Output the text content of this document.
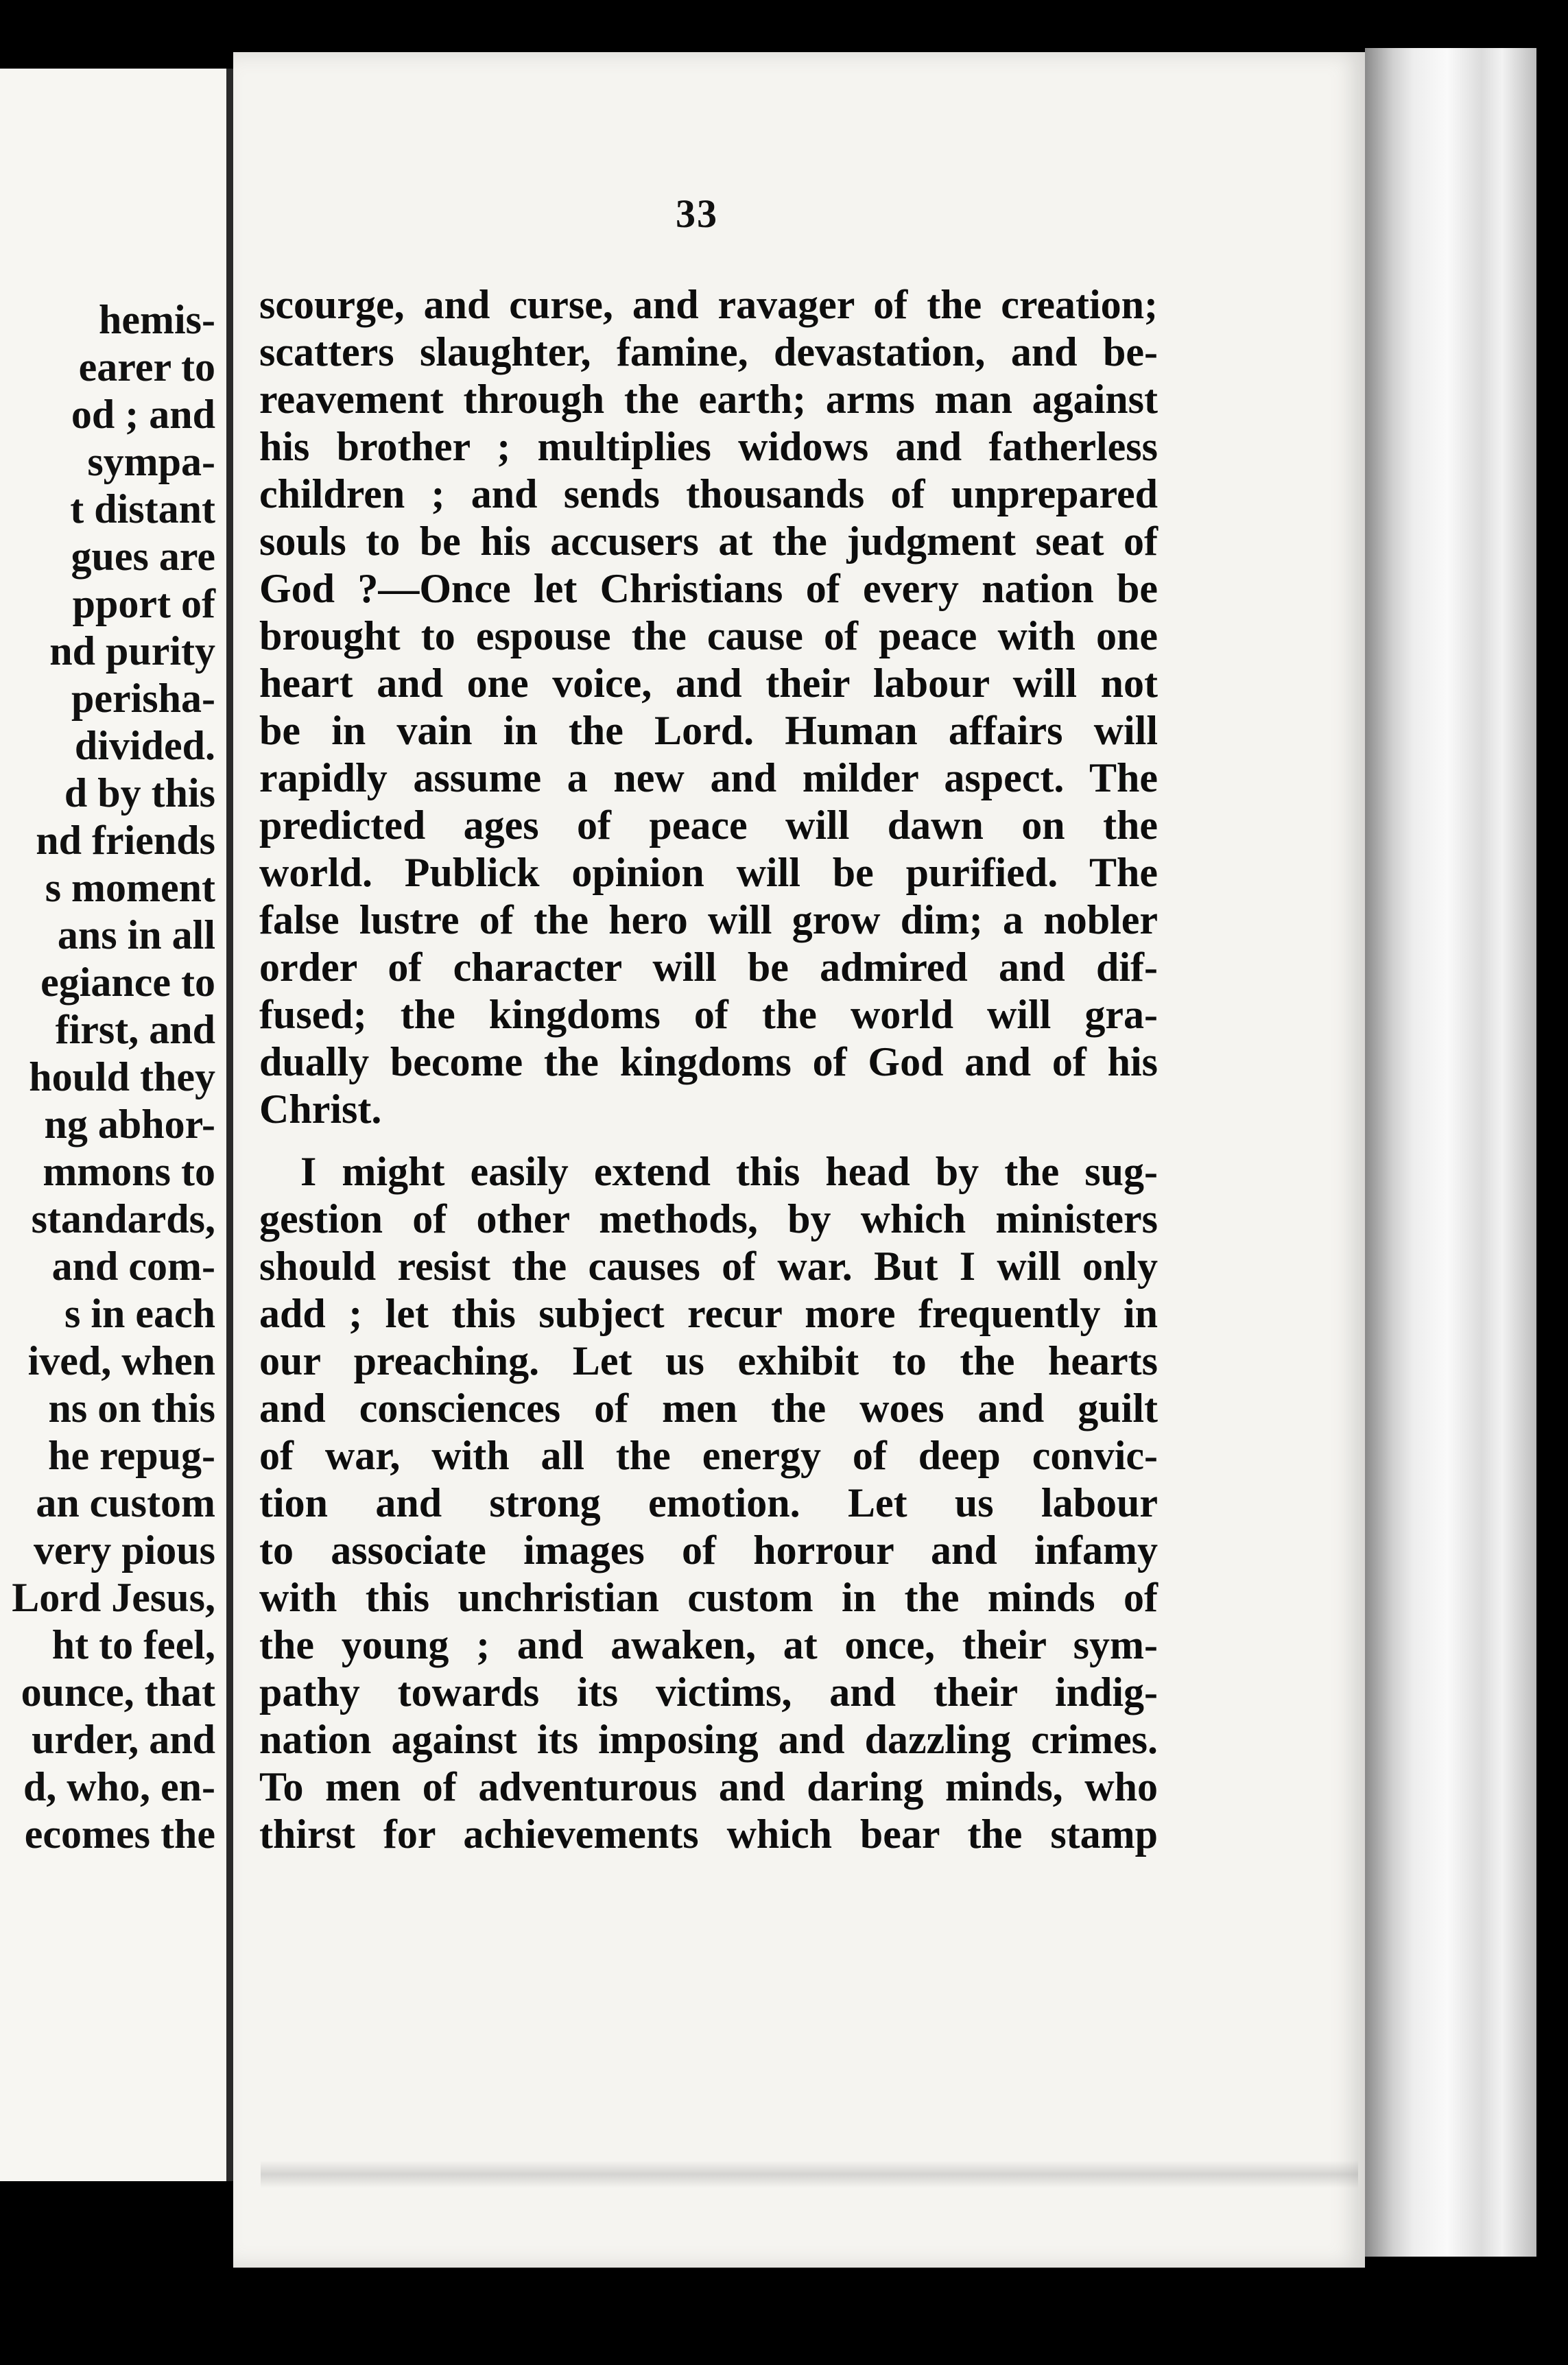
hemis-
earer to
od ; and
sympa-
t distant
gues are
pport of
nd purity
perisha-
divided.
d by this
nd friends
s moment
ans in all
egiance to
first, and
hould they
ng abhor-
mmons to
standards,
and com-
s in each
ived, when
ns on this
he repug-
an custom
very pious
Lord Jesus,
ht to feel,
ounce, that
urder, and
d, who, en-
ecomes the
33
scourge, and curse, and ravager of the creation;
scatters slaughter, famine, devastation, and be-
reavement through the earth; arms man against
his brother ; multiplies widows and fatherless
children ; and sends thousands of unprepared
souls to be his accusers at the judgment seat of
God ?—Once let Christians of every nation be
brought to espouse the cause of peace with one
heart and one voice, and their labour will not
be in vain in the Lord. Human affairs will
rapidly assume a new and milder aspect. The
predicted ages of peace will dawn on the
world. Publick opinion will be purified. The
false lustre of the hero will grow dim; a nobler
order of character will be admired and dif-
fused; the kingdoms of the world will gra-
dually become the kingdoms of God and of his
Christ.
I might easily extend this head by the sug-
gestion of other methods, by which ministers
should resist the causes of war. But I will only
add ; let this subject recur more frequently in
our preaching. Let us exhibit to the hearts
and consciences of men the woes and guilt
of war, with all the energy of deep convic-
tion and strong emotion. Let us labour
to associate images of horrour and infamy
with this unchristian custom in the minds of
the young ; and awaken, at once, their sym-
pathy towards its victims, and their indig-
nation against its imposing and dazzling crimes.
To men of adventurous and daring minds, who
thirst for achievements which bear the stamp
